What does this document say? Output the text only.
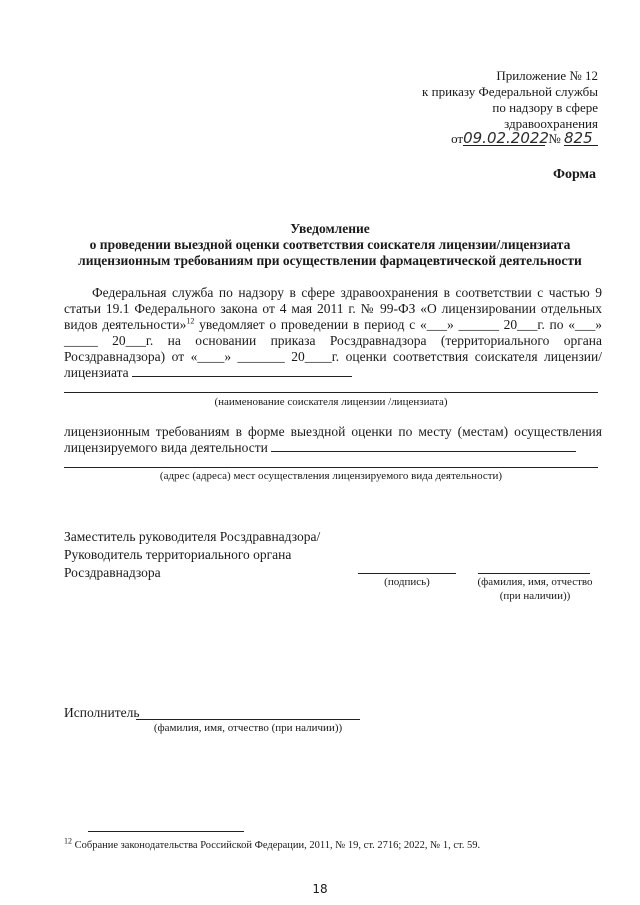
Приложение № 12
к приказу Федеральной службы
по надзору в сфере
здравоохранения
от09.02.2022 № 825
Форма
Уведомление
о проведении выездной оценки соответствия соискателя лицензии/лицензиата
лицензионным требованиям при осуществлении фармацевтической деятельности
Федеральная служба по надзору в сфере здравоохранения в соответствии с частью 9 статьи 19.1 Федерального закона от 4 мая 2011 г. № 99-ФЗ «О лицензировании отдельных видов деятельности»$^{12}$ уведомляет о проведении в период с «___» ______ 20___г. по «___» _____ 20___г. на основании приказа Росздравнадзора (территориального органа Росздравнадзора) от «____» _______ 20____г. оценки соответствия соискателя лицензии/лицензиата
(наименование соискателя лицензии /лицензиата)
лицензионным требованиям в форме выездной оценки по месту (местам) осуществления лицензируемого вида деятельности
(адрес (адреса) мест осуществления лицензируемого вида деятельности)
Заместитель руководителя Росздравнадзора/
Руководитель территориального органа
Росздравнадзора
(подпись)	(фамилия, имя, отчество
(при наличии))
Исполнитель
(фамилия, имя, отчество (при наличии))
$^{12}$ Собрание законодательства Российской Федерации, 2011, № 19, ст. 2716; 2022, № 1, ст. 59.
18
